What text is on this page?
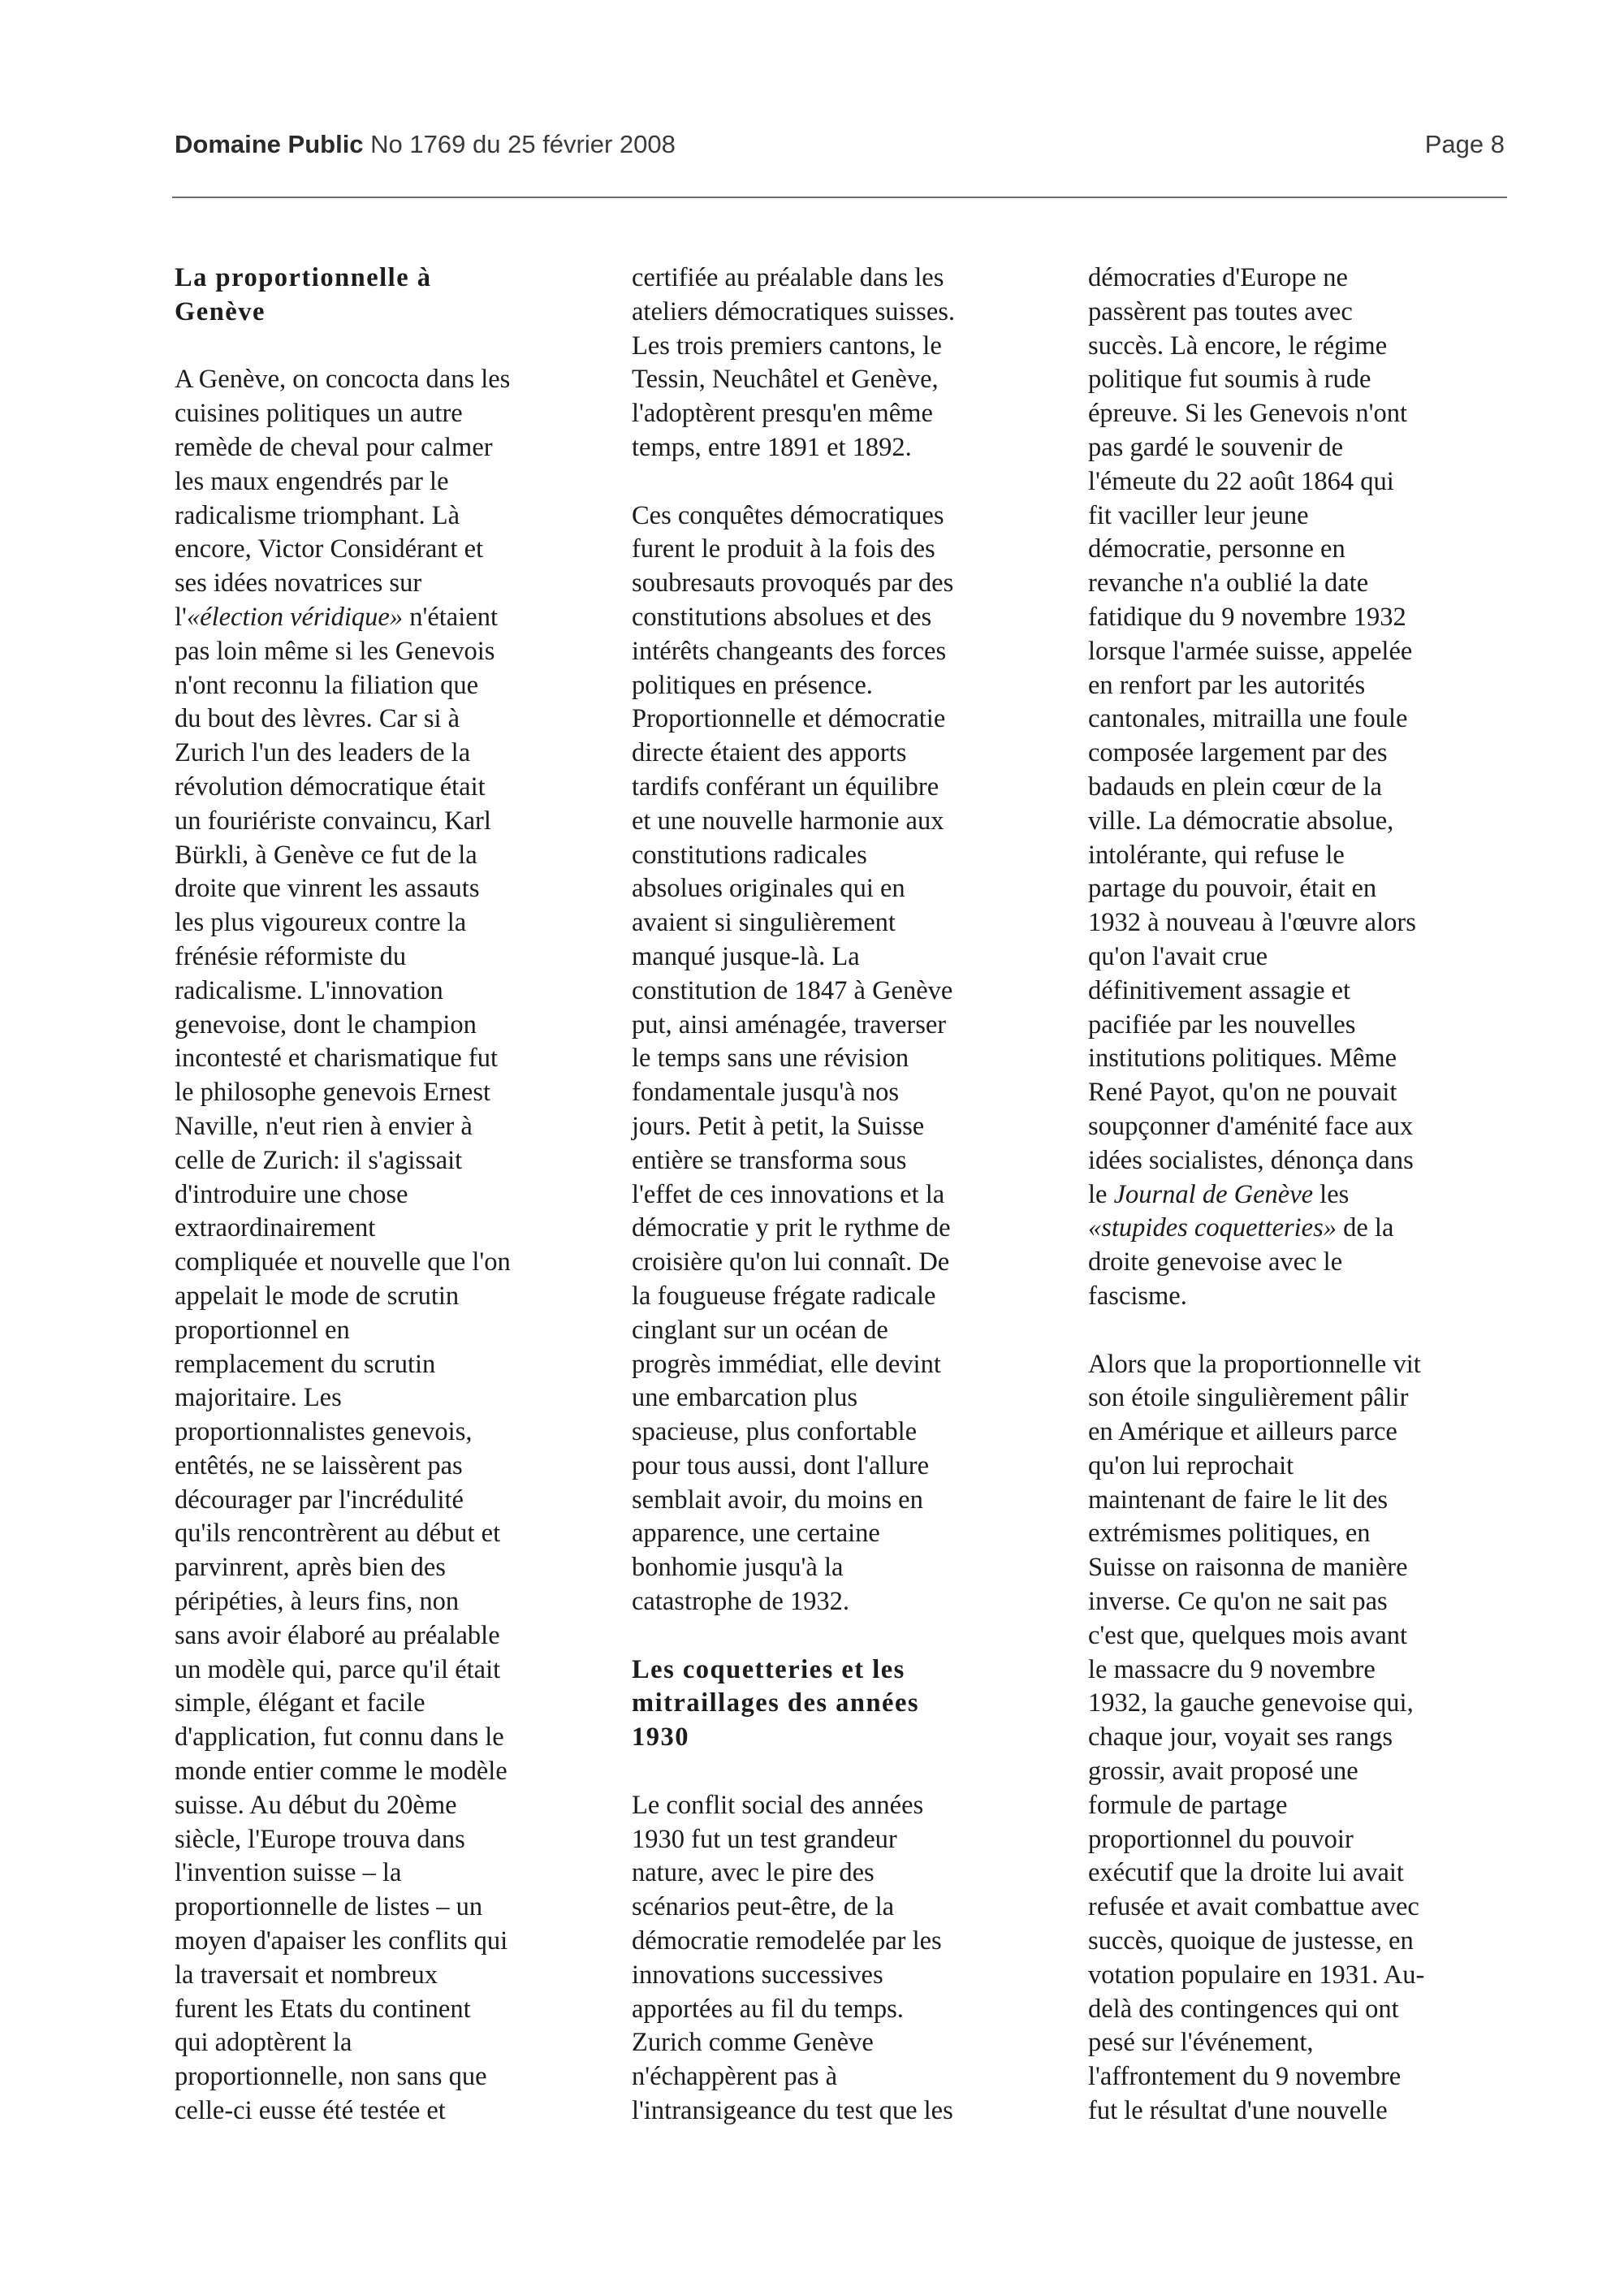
Domaine Public No 1769 du 25 février 2008	Page 8
La proportionnelle à
Genève
A Genève, on concocta dans les
cuisines politiques un autre
remède de cheval pour calmer
les maux engendrés par le
radicalisme triomphant. Là
encore, Victor Considérant et
ses idées novatrices sur
l'«élection véridique» n'étaient
pas loin même si les Genevois
n'ont reconnu la filiation que
du bout des lèvres. Car si à
Zurich l'un des leaders de la
révolution démocratique était
un fouriériste convaincu, Karl
Bürkli, à Genève ce fut de la
droite que vinrent les assauts
les plus vigoureux contre la
frénésie réformiste du
radicalisme. L'innovation
genevoise, dont le champion
incontesté et charismatique fut
le philosophe genevois Ernest
Naville, n'eut rien à envier à
celle de Zurich: il s'agissait
d'introduire une chose
extraordinairement
compliquée et nouvelle que l'on
appelait le mode de scrutin
proportionnel en
remplacement du scrutin
majoritaire. Les
proportionnalistes genevois,
entêtés, ne se laissèrent pas
décourager par l'incrédulité
qu'ils rencontrèrent au début et
parvinrent, après bien des
péripéties, à leurs fins, non
sans avoir élaboré au préalable
un modèle qui, parce qu'il était
simple, élégant et facile
d'application, fut connu dans le
monde entier comme le modèle
suisse. Au début du 20ème
siècle, l'Europe trouva dans
l'invention suisse – la
proportionnelle de listes – un
moyen d'apaiser les conflits qui
la traversait et nombreux
furent les Etats du continent
qui adoptèrent la
proportionnelle, non sans que
celle-ci eusse été testée et
certifiée au préalable dans les
ateliers démocratiques suisses.
Les trois premiers cantons, le
Tessin, Neuchâtel et Genève,
l'adoptèrent presqu'en même
temps, entre 1891 et 1892.
Ces conquêtes démocratiques
furent le produit à la fois des
soubresauts provoqués par des
constitutions absolues et des
intérêts changeants des forces
politiques en présence.
Proportionnelle et démocratie
directe étaient des apports
tardifs conférant un équilibre
et une nouvelle harmonie aux
constitutions radicales
absolues originales qui en
avaient si singulièrement
manqué jusque-là. La
constitution de 1847 à Genève
put, ainsi aménagée, traverser
le temps sans une révision
fondamentale jusqu'à nos
jours. Petit à petit, la Suisse
entière se transforma sous
l'effet de ces innovations et la
démocratie y prit le rythme de
croisière qu'on lui connaît. De
la fougueuse frégate radicale
cinglant sur un océan de
progrès immédiat, elle devint
une embarcation plus
spacieuse, plus confortable
pour tous aussi, dont l'allure
semblait avoir, du moins en
apparence, une certaine
bonhomie jusqu'à la
catastrophe de 1932.
Les coquetteries et les
mitraillages des années
1930
Le conflit social des années
1930 fut un test grandeur
nature, avec le pire des
scénarios peut-être, de la
démocratie remodelée par les
innovations successives
apportées au fil du temps.
Zurich comme Genève
n'échappèrent pas à
l'intransigeance du test que les
démocraties d'Europe ne
passèrent pas toutes avec
succès. Là encore, le régime
politique fut soumis à rude
épreuve. Si les Genevois n'ont
pas gardé le souvenir de
l'émeute du 22 août 1864 qui
fit vaciller leur jeune
démocratie, personne en
revanche n'a oublié la date
fatidique du 9 novembre 1932
lorsque l'armée suisse, appelée
en renfort par les autorités
cantonales, mitrailla une foule
composée largement par des
badauds en plein cœur de la
ville. La démocratie absolue,
intolérante, qui refuse le
partage du pouvoir, était en
1932 à nouveau à l'œuvre alors
qu'on l'avait crue
définitivement assagie et
pacifiée par les nouvelles
institutions politiques. Même
René Payot, qu'on ne pouvait
soupçonner d'aménité face aux
idées socialistes, dénonça dans
le Journal de Genève les
«stupides coquetteries» de la
droite genevoise avec le
fascisme.
Alors que la proportionnelle vit
son étoile singulièrement pâlir
en Amérique et ailleurs parce
qu'on lui reprochait
maintenant de faire le lit des
extrémismes politiques, en
Suisse on raisonna de manière
inverse. Ce qu'on ne sait pas
c'est que, quelques mois avant
le massacre du 9 novembre
1932, la gauche genevoise qui,
chaque jour, voyait ses rangs
grossir, avait proposé une
formule de partage
proportionnel du pouvoir
exécutif que la droite lui avait
refusée et avait combattue avec
succès, quoique de justesse, en
votation populaire en 1931. Au-
delà des contingences qui ont
pesé sur l'événement,
l'affrontement du 9 novembre
fut le résultat d'une nouvelle
